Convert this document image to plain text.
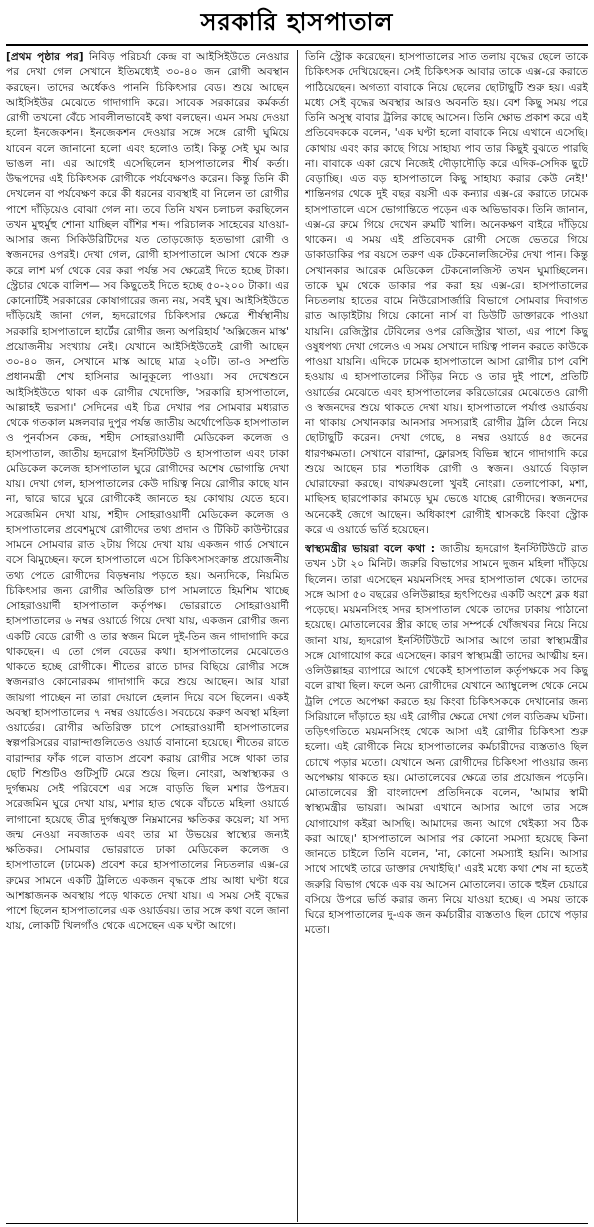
সরকারি হাসপাতাল

[প্রথম পৃষ্ঠার পর] নিবিড় পরিচর্যা কেন্দ্র বা আইসিইউতে নেওয়ার পর দেখা গেল সেখানে ইতিমধ্যেই ৩০-৪০ জন রোগী অবস্থান করছেন। তাদের অর্ধেকও পাননি চিকিৎসার বেড। শুয়ে আছেন আইসিইউর মেঝেতে গাদাগাদি করে। সাবেক সরকারের কর্মকর্তা রোগী তখনো বেঁচে সাবলীলভাবেই কথা বলছেন। এমন সময় দেওয়া হলো ইনজেকশন। ইনজেকশন দেওয়ার সঙ্গে সঙ্গে রোগী ঘুমিয়ে যাবেন বলে জানানো হলো এবং হলোও তাই। কিন্তু সেই ঘুম আর ভাঙল না। এর আগেই এসেছিলেন হাসপাতালের শীর্ষ কর্তা। উদ্ধপদের এই চিকিৎসক রোগীকে পর্যবেক্ষণও করেন। কিন্তু তিনি কী দেখলেন বা পর্যবেক্ষণ করে কী ধরনের ব্যবস্থাই বা নিলেন তা রোগীর পাশে দাঁড়িয়েও বোঝা গেল না। তবে তিনি যখন চলাচল করছিলেন তখন মুহুর্মুহু শোনা যাচ্ছিল বাঁশির শব্দ। পরিচালক সাহেবের যাওয়া-আসার জন্য সিকিউরিটিদের যত তোড়জোড় হতভাগা রোগী ও স্বজনদের ওপরই। দেখা গেল, রোগী হাসপাতালে আসা থেকে শুরু করে লাশ মর্গ থেকে বের করা পর্যন্ত সব ক্ষেত্রেই দিতে হচ্ছে টাকা। স্ট্রেচার থেকে বালিশ— সব কিছুতেই দিতে হচ্ছে ৫০-২০০ টাকা। এর কোনোটিই সরকারের কোষাগারের জন্য নয়, সবই ঘুষ। আইসিইউতে দাঁড়িয়েই জানা গেল, হৃদরোগের চিকিৎসার ক্ষেত্রে শীর্ষস্থানীয় সরকারি হাসপাতালে হার্টের রোগীর জন্য অপরিহার্য 'অক্সিজেন মাস্ক' প্রয়োজনীয় সংখ্যায় নেই। যেখানে আইসিইউতেই রোগী আছেন ৩০-৪০ জন, সেখানে মাস্ক আছে মাত্র ২০টি। তা-ও সম্প্রতি প্রধানমন্ত্রী শেখ হাসিনার আনুকূল্যে পাওয়া। সব দেখেশুনে আইসিইউতে থাকা এক রোগীর খেদোক্তি, 'সরকারি হাসপাতালে, আল্লাহই ভরসা।' সেদিনের এই চিত্র দেখার পর সোমবার মধ্যরাত থেকে গতকাল মঙ্গলবার দুপুর পর্যন্ত জাতীয় অর্থোপেডিক হাসপাতাল ও পুনর্বাসন কেন্দ্র, শহীদ সোহরাওয়ার্দী মেডিকেল কলেজ ও হাসপাতাল, জাতীয় হৃদরোগ ইনস্টিটিউট ও হাসপাতাল এবং ঢাকা মেডিকেল কলেজ হাসপাতাল ঘুরে রোগীদের অশেষ ভোগান্তি দেখা যায়। দেখা গেল, হাসপাতালের কেউ দায়িত্ব নিয়ে রোগীর কাছে যান না, দ্বারে দ্বারে ঘুরে রোগীকেই জানতে হয় কোথায় যেতে হবে। সরেজমিন দেখা যায়, শহীদ সোহরাওয়ার্দী মেডিকেল কলেজ ও হাসপাতালের প্রবেশমুখে রোগীদের তথ্য প্রদান ও টিকিট কাউন্টারের সামনে সোমবার রাত ২টায় গিয়ে দেখা যায় একজন গার্ড সেখানে বসে ঝিমুচ্ছেন। ফলে হাসপাতালে এসে চিকিৎসাসংক্রান্ত প্রয়োজনীয় তথ্য পেতে রোগীদের বিড়ম্বনায় পড়তে হয়। অন্যদিকে, নিয়মিত চিকিৎসার জন্য রোগীর অতিরিক্ত চাপ সামলাতে হিমশিম খাচ্ছে সোহরাওয়ার্দী হাসপাতাল কর্তৃপক্ষ। ভোররাতে সোহরাওয়ার্দী হাসপাতালের ৬ নম্বর ওয়ার্ডে গিয়ে দেখা যায়, একজন রোগীর জন্য একটি বেডে রোগী ও তার স্বজন মিলে দুই-তিন জন গাদাগাদি করে থাকছেন। এ তো গেল বেডের কথা। হাসপাতালের মেঝেতেও থাকতে হচ্ছে রোগীকে। শীতের রাতে চাদর বিছিয়ে রোগীর সঙ্গে স্বজনরাও কোনোরকম গাদাগাদি করে শুয়ে আছেন। আর যারা জায়গা পাচ্ছেন না তারা দেয়ালে হেলান দিয়ে বসে ছিলেন। একই অবস্থা হাসপাতালের ৭ নম্বর ওয়ার্ডেও। সবচেয়ে করুণ অবস্থা মহিলা ওয়ার্ডের। রোগীর অতিরিক্ত চাপে সোহরাওয়ার্দী হাসপাতালের স্বল্পপরিসরের বারান্দাগুলিতেও ওয়ার্ড বানানো হয়েছে। শীতের রাতে বারান্দার ফাঁক গলে বাতাস প্রবেশ করায় রোগীর সঙ্গে থাকা তার ছোট শিশুটিও গুটিসুটি মেরে শুয়ে ছিল। নোংরা, অস্বাস্থ্যকর ও দুর্গন্ধময় সেই পরিবেশে এর সঙ্গে বাড়তি ছিল মশার উপদ্রব। সরেজমিন ঘুরে দেখা যায়, মশার হাত থেকে বাঁচতে মহিলা ওয়ার্ডে লাগানো হয়েছে তীব্র দুর্গন্ধযুক্ত নিম্নমানের ক্ষতিকর কয়েল; যা সদ্য জন্ম নেওয়া নবজাতক এবং তার মা উভয়ের স্বাস্থ্যের জন্যই ক্ষতিকর। সোমবার ভোররাতে ঢাকা মেডিকেল কলেজ ও হাসপাতালে (ঢামেক) প্রবেশ করে হাসপাতালের নিচতলার এক্স-রে রুমের সামনে একটি ট্রলিতে একজন বৃদ্ধকে প্রায় আধা ঘণ্টা ধরে আশঙ্কাজনক অবস্থায় পড়ে থাকতে দেখা যায়। এ সময় সেই বৃদ্ধের পাশে ছিলেন হাসপাতালের এক ওয়ার্ডবয়। তার সঙ্গে কথা বলে জানা যায়, লোকটি খিলগাঁও থেকে এসেছেন এক ঘণ্টা আগে।

তিনি স্ট্রোক করেছেন। হাসপাতালের সাত তলায় বৃদ্ধের ছেলে তাকে চিকিৎসক দেখিয়েছেন। সেই চিকিৎসক আবার তাকে এক্স-রে করাতে পাঠিয়েছেন। অগত্যা বাবাকে নিয়ে ছেলের ছোটাছুটি শুরু হয়। এরই মধ্যে সেই বৃদ্ধের অবস্থার আরও অবনতি হয়। বেশ কিছু সময় পরে তিনি অসুস্থ বাবার ট্রলির কাছে আসেন। তিনি ক্ষোভ প্রকাশ করে এই প্রতিবেদককে বলেন, 'এক ঘণ্টা হলো বাবাকে নিয়ে এখানে এসেছি। কোথায় এবং কার কাছে গিয়ে সাহায্য পাব তার কিছুই বুঝতে পারছি না। বাবাকে একা রেখে নিজেই দৌড়াদৌড়ি করে এদিক-সেদিক ছুটে বেড়াচ্ছি। এত বড় হাসপাতালে কিছু সাহায্য করার কেউ নেই!' শান্তিনগর থেকে দুই বছর বয়সী এক কন্যার এক্স-রে করাতে ঢামেক হাসপাতালে এসে ভোগান্তিতে পড়েন এক অভিভাবক। তিনি জানান, এক্স-রে রুমে গিয়ে দেখেন রুমটি খালি। অনেকক্ষণ বাইরে দাঁড়িয়ে থাকেন। এ সময় এই প্রতিবেদক রোগী সেজে ভেতরে গিয়ে ডাকাডাকির পর বয়সে তরুণ এক টেকনোলজিস্টের দেখা পান। কিন্তু সেখানকার আরেক মেডিকেল টেকনোলজিস্ট তখন ঘুমাচ্ছিলেন। তাকে ঘুম থেকে ডাকার পর করা হয় এক্স-রে। হাসপাতালের নিচতলায় হাতের বামে নিউরোসার্জারি বিভাগে সোমবার দিবাগত রাত আড়াইটায় গিয়ে কোনো নার্স বা ডিউটি ডাক্তারকে পাওয়া যায়নি। রেজিস্ট্রার টেবিলের ওপর রেজিস্ট্রার খাতা, এর পাশে কিছু ওষুধপথ্য দেখা গেলেও এ সময় সেখানে দায়িত্ব পালন করতে কাউকে পাওয়া যায়নি। এদিকে ঢামেক হাসপাতালে আসা রোগীর চাপ বেশি হওয়ায় এ হাসপাতালের সিঁড়ির নিচে ও তার দুই পাশে, প্রতিটি ওয়ার্ডের মেঝেতে এবং হাসপাতালের করিডোরের মেঝেতেও রোগী ও স্বজনদের শুয়ে থাকতে দেখা যায়। হাসপাতালে পর্যাপ্ত ওয়ার্ডবয় না থাকায় সেখানকার আনসার সদস্যরাই রোগীর ট্রলি ঠেলে নিয়ে ছোটাছুটি করেন। দেখা গেছে, ৪ নম্বর ওয়ার্ডে ৪৫ জনের ধারণক্ষমতা। সেখানে বারান্দা, ফ্লোরসহ বিভিন্ন স্থানে গাদাগাদি করে শুয়ে আছেন চার শতাধিক রোগী ও স্বজন। ওয়ার্ডে বিড়াল ঘোরাফেরা করছে। বাথরুমগুলো খুবই নোংরা। তেলাপোকা, মশা, মাছিসহ ছারপোকার কামড়ে ঘুম ভেঙে যাচ্ছে রোগীদের। স্বজনদের অনেকেই জেগে আছেন। অধিকাংশ রোগীই শ্বাসকষ্টে কিংবা স্ট্রোক করে এ ওয়ার্ডে ভর্তি হয়েছেন।

স্বাস্থ্যমন্ত্রীর ভায়রা বলে কথা : জাতীয় হৃদরোগ ইনস্টিটিউটে রাত তখন ১টা ২০ মিনিট। জরুরি বিভাগের সামনে দুজন মহিলা দাঁড়িয়ে ছিলেন। তারা এসেছেন ময়মনসিংহ সদর হাসপাতাল থেকে। তাদের সঙ্গে আসা ৫০ বছরের ওলিউল্লাহর হৃৎপিণ্ডের একটি অংশে ব্লক ধরা পড়েছে। ময়মনসিংহ সদর হাসপাতাল থেকে তাদের ঢাকায় পাঠানো হয়েছে। মোতালেবের স্ত্রীর কাছে তার সম্পর্কে খোঁজখবর নিয়ে নিয়ে জানা যায়, হৃদরোগ ইনস্টিটিউটে আসার আগে তারা স্বাস্থ্যমন্ত্রীর সঙ্গে যোগাযোগ করে এসেছেন। কারণ স্বাস্থ্যমন্ত্রী তাদের আত্মীয় হন। ওলিউল্লাহর ব্যাপারে আগে থেকেই হাসপাতাল কর্তৃপক্ষকে সব কিছু বলে রাখা ছিল। ফলে অন্য রোগীদের যেখানে অ্যাম্বুলেন্স থেকে নেমে ট্রলি পেতে অপেক্ষা করতে হয় কিংবা চিকিৎসককে দেখানোর জন্য সিরিয়ালে দাঁড়াতে হয় এই রোগীর ক্ষেত্রে দেখা গেল ব্যতিক্রম ঘটনা। তড়িৎগতিতে ময়মনসিংহ থেকে আসা এই রোগীর চিকিৎসা শুরু হলো। এই রোগীকে নিয়ে হাসপাতালের কর্মচারীদের ব্যস্ততাও ছিল চোখে পড়ার মতো। যেখানে অন্য রোগীদের চিকিৎসা পাওয়ার জন্য অপেক্ষায় থাকতে হয়। মোতালেবের ক্ষেত্রে তার প্রয়োজন পড়েনি। মোতালেবের স্ত্রী বাংলাদেশ প্রতিদিনকে বলেন, 'আমার স্বামী স্বাস্থ্যমন্ত্রীর ভায়রা। আমরা এখানে আসার আগে তার সঙ্গে যোগাযোগ কইরা আসছি। আমাদের জন্য আগে থেইক্যা সব ঠিক করা আছে।' হাসপাতালে আসার পর কোনো সমস্যা হয়েছে কিনা জানতে চাইলে তিনি বলেন, 'না, কোনো সমস্যাই হয়নি। আসার সাথে সাথেই তারে ডাক্তার দেখাইছি।' এরই মধ্যে কথা শেষ না হতেই জরুরি বিভাগ থেকে এক বয় আসেন মোতালেব। তাকে হুইল চেয়ারে বসিয়ে উপরে ভর্তি করার জন্য নিয়ে যাওয়া হচ্ছে। এ সময় তাকে ঘিরে হাসপাতালের দু-এক জন কর্মচারীর ব্যস্ততাও ছিল চোখে পড়ার মতো।
